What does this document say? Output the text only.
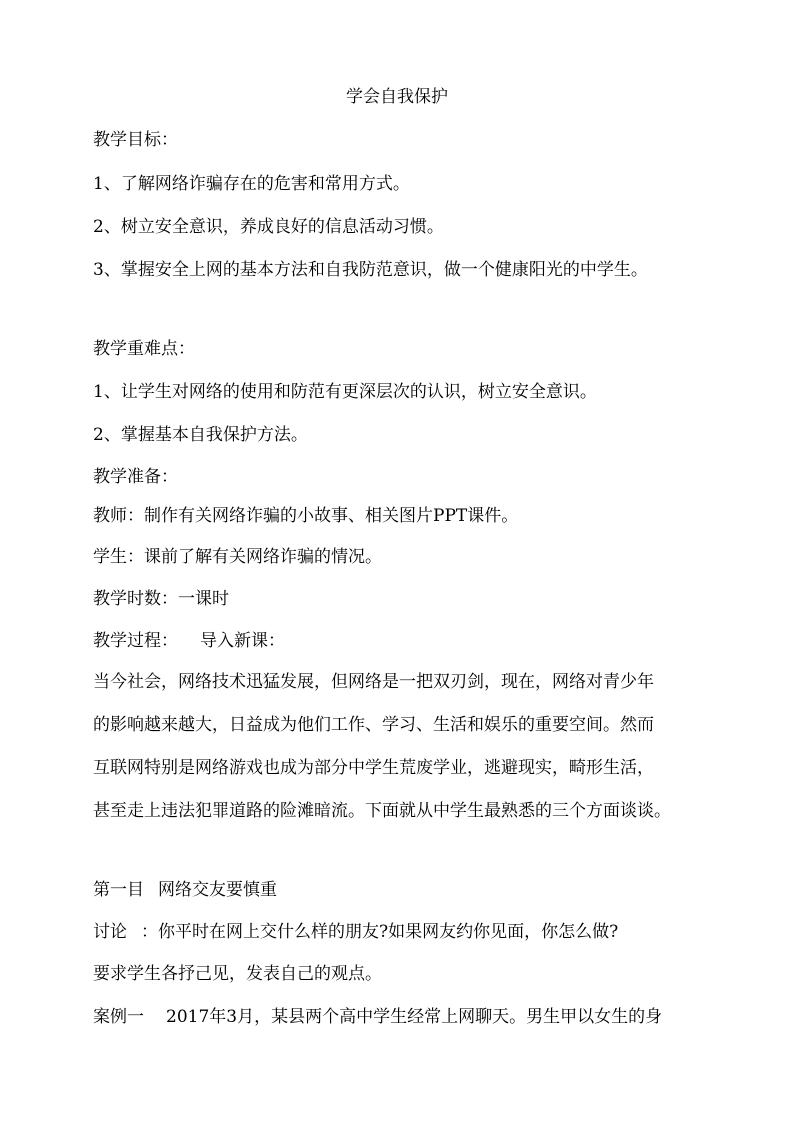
学会自我保护
教学目标：
1、了解网络诈骗存在的危害和常用方式。
2、树立安全意识，养成良好的信息活动习惯。
3、掌握安全上网的基本方法和自我防范意识，做一个健康阳光的中学生。
教学重难点：
1、让学生对网络的使用和防范有更深层次的认识，树立安全意识。
2、掌握基本自我保护方法。
教学准备：
教师：制作有关网络诈骗的小故事、相关图片PPT课件。
学生：课前了解有关网络诈骗的情况。
教学时数：一课时
教学过程： 导入新课：
当今社会，网络技术迅猛发展，但网络是一把双刃剑，现在，网络对青少年
的影响越来越大，日益成为他们工作、学习、生活和娱乐的重要空间。然而
互联网特别是网络游戏也成为部分中学生荒废学业，逃避现实，畸形生活，
甚至走上违法犯罪道路的险滩暗流。下面就从中学生最熟悉的三个方面谈谈。
第一目 网络交友要慎重
讨论 ：你平时在网上交什么样的朋友?如果网友约你见面，你怎么做?
要求学生各抒己见，发表自己的观点。
案例一 2017年3月，某县两个高中学生经常上网聊天。男生甲以女生的身
